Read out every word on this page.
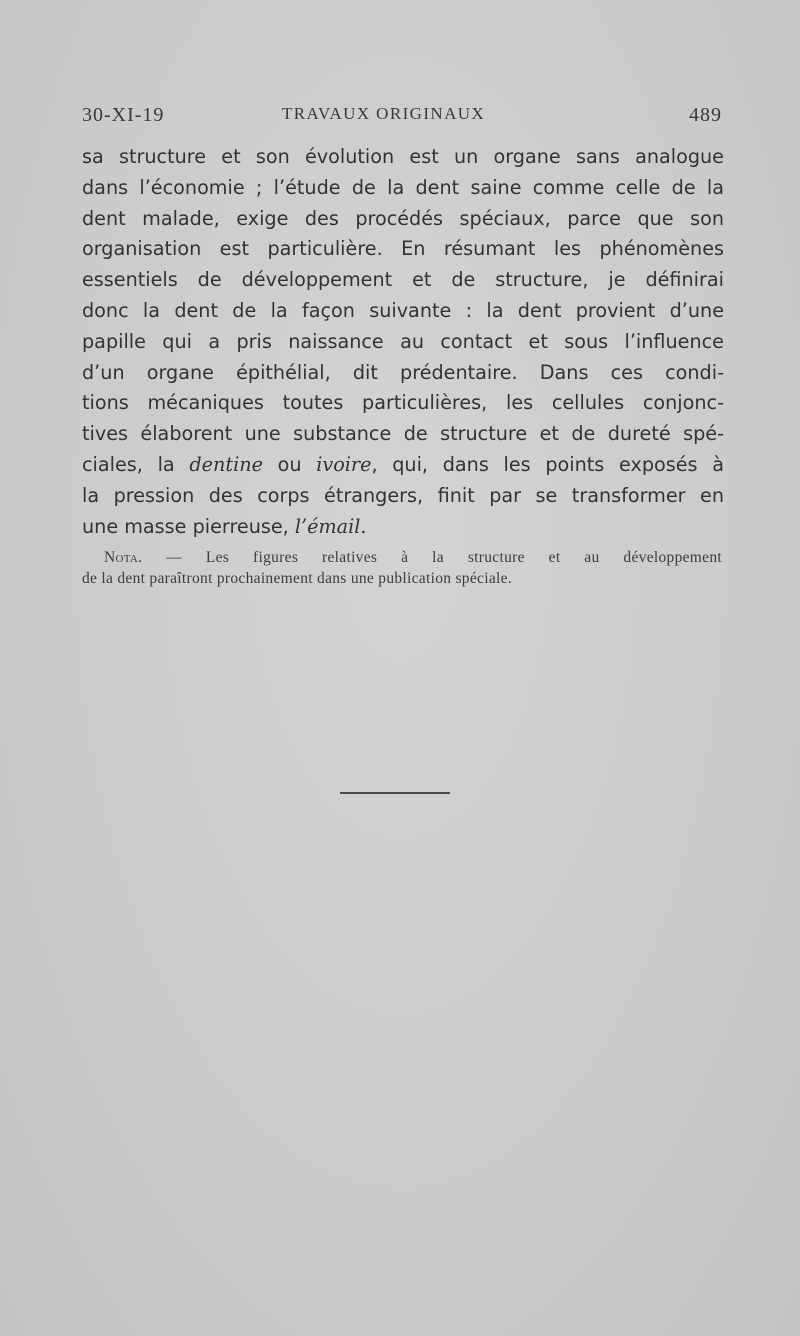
30-XI-19	TRAVAUX ORIGINAUX	489
sa structure et son évolution est un organe sans analogue
dans l’économie ; l’étude de la dent saine comme celle de la
dent malade, exige des procédés spéciaux, parce que son
organisation est particulière. En résumant les phénomènes
essentiels de développement et de structure, je définirai
donc la dent de la façon suivante : la dent provient d’une
papille qui a pris naissance au contact et sous l’influence
d’un organe épithélial, dit prédentaire. Dans ces condi-
tions mécaniques toutes particulières, les cellules conjonc-
tives élaborent une substance de structure et de dureté spé-
ciales, la dentine ou ivoire, qui, dans les points exposés à
la pression des corps étrangers, finit par se transformer en
une masse pierreuse, l’émail.
Nota. — Les figures relatives à la structure et au développement
de la dent paraîtront prochainement dans une publication spéciale.
